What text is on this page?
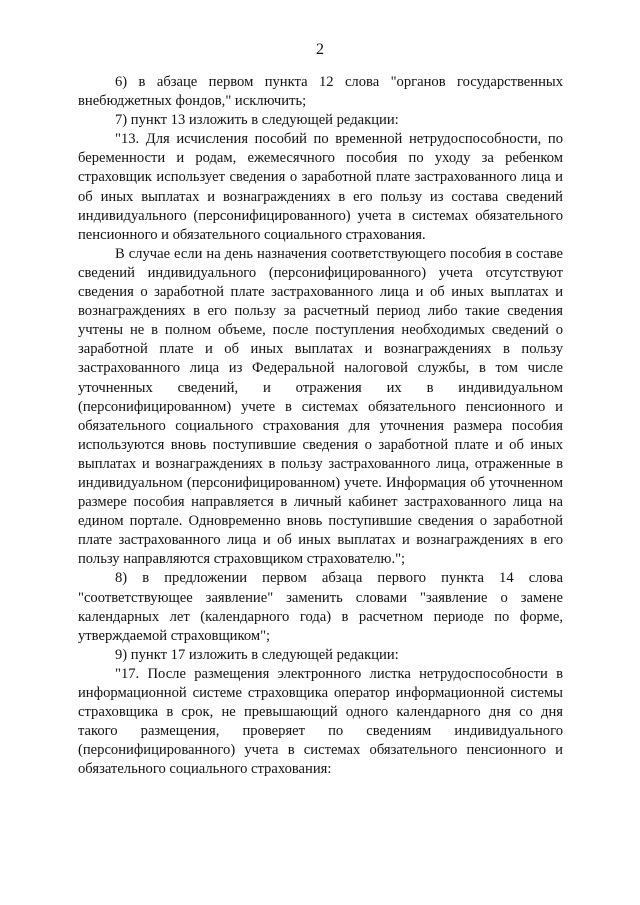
2

6) в абзаце первом пункта 12 слова "органов государственных внебюджетных фондов," исключить;

7) пункт 13 изложить в следующей редакции:

"13. Для исчисления пособий по временной нетрудоспособности, по беременности и родам, ежемесячного пособия по уходу за ребенком страховщик использует сведения о заработной плате застрахованного лица и об иных выплатах и вознаграждениях в его пользу из состава сведений индивидуального (персонифицированного) учета в системах обязательного пенсионного и обязательного социального страхования.

В случае если на день назначения соответствующего пособия в составе сведений индивидуального (персонифицированного) учета отсутствуют сведения о заработной плате застрахованного лица и об иных выплатах и вознаграждениях в его пользу за расчетный период либо такие сведения учтены не в полном объеме, после поступления необходимых сведений о заработной плате и об иных выплатах и вознаграждениях в пользу застрахованного лица из Федеральной налоговой службы, в том числе уточненных сведений, и отражения их в индивидуальном (персонифицированном) учете в системах обязательного пенсионного и обязательного социального страхования для уточнения размера пособия используются вновь поступившие сведения о заработной плате и об иных выплатах и вознаграждениях в пользу застрахованного лица, отраженные в индивидуальном (персонифицированном) учете. Информация об уточненном размере пособия направляется в личный кабинет застрахованного лица на едином портале. Одновременно вновь поступившие сведения о заработной плате застрахованного лица и об иных выплатах и вознаграждениях в его пользу направляются страховщиком страхователю.";

8) в предложении первом абзаца первого пункта 14 слова "соответствующее заявление" заменить словами "заявление о замене календарных лет (календарного года) в расчетном периоде по форме, утверждаемой страховщиком";

9) пункт 17 изложить в следующей редакции:

"17. После размещения электронного листка нетрудоспособности в информационной системе страховщика оператор информационной системы страховщика в срок, не превышающий одного календарного дня со дня такого размещения, проверяет по сведениям индивидуального (персонифицированного) учета в системах обязательного пенсионного и обязательного социального страхования:
